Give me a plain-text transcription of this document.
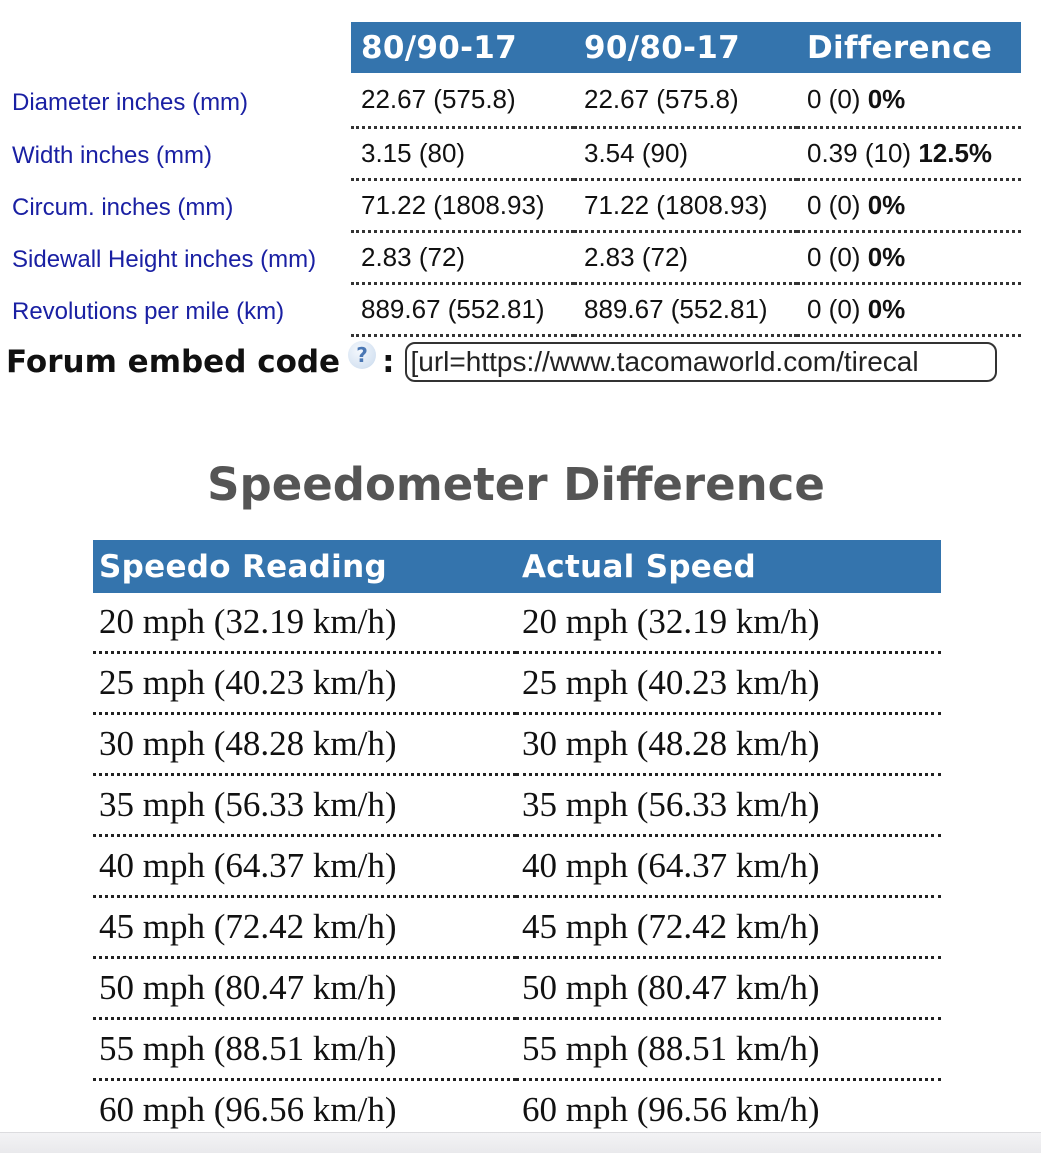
	80/90-17	90/80-17	Difference
Diameter inches (mm)	22.67 (575.8)	22.67 (575.8)	0 (0) 0%
Width inches (mm)	3.15 (80)	3.54 (90)	0.39 (10) 12.5%
Circum. inches (mm)	71.22 (1808.93)	71.22 (1808.93)	0 (0) 0%
Sidewall Height inches (mm)	2.83 (72)	2.83 (72)	0 (0) 0%
Revolutions per mile (km)	889.67 (552.81)	889.67 (552.81)	0 (0) 0%
Forum embed code ? :
[url=https://www.tacomaworld.com/tirecal
Speedometer Difference
Speedo Reading	Actual Speed
20 mph (32.19 km/h)	20 mph (32.19 km/h)
25 mph (40.23 km/h)	25 mph (40.23 km/h)
30 mph (48.28 km/h)	30 mph (48.28 km/h)
35 mph (56.33 km/h)	35 mph (56.33 km/h)
40 mph (64.37 km/h)	40 mph (64.37 km/h)
45 mph (72.42 km/h)	45 mph (72.42 km/h)
50 mph (80.47 km/h)	50 mph (80.47 km/h)
55 mph (88.51 km/h)	55 mph (88.51 km/h)
60 mph (96.56 km/h)	60 mph (96.56 km/h)
